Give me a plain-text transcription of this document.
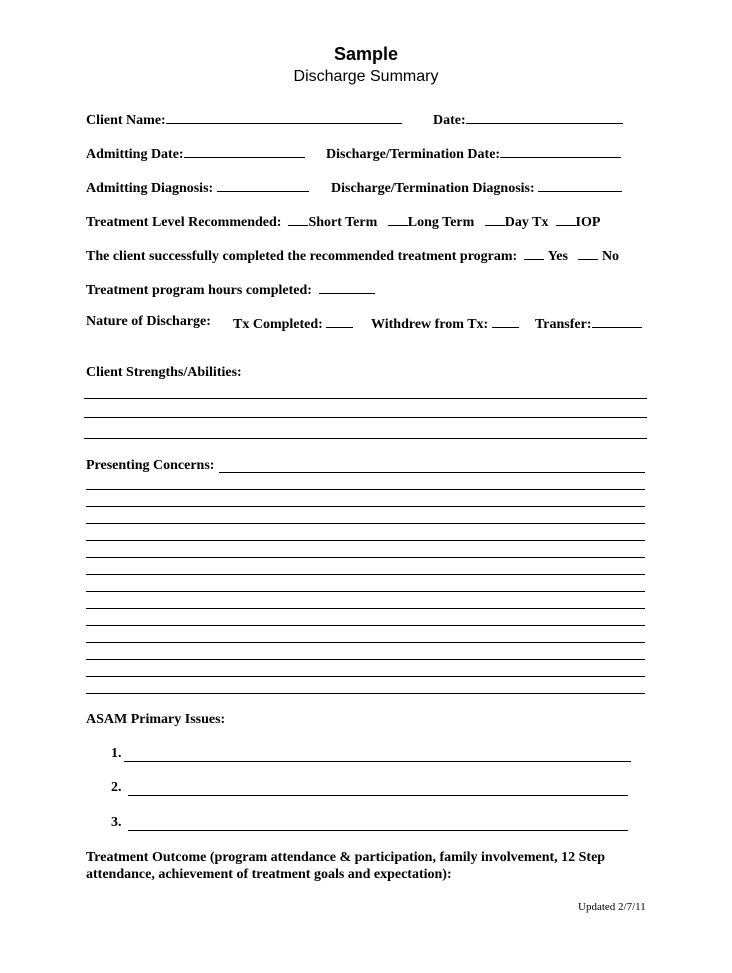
Sample
Discharge Summary
Client Name:	Date:
Admitting Date:	Discharge/Termination Date:
Admitting Diagnosis:	Discharge/Termination Diagnosis:
Treatment Level Recommended: Short Term Long Term Day Tx IOP
The client successfully completed the recommended treatment program: Yes No
Treatment program hours completed:
Nature of Discharge: Tx Completed:	Withdrew from Tx:	Transfer:
Client Strengths/Abilities:
Presenting Concerns:
ASAM Primary Issues:
1.
2.
3.
Treatment Outcome (program attendance & participation, family involvement, 12 Step
attendance, achievement of treatment goals and expectation):
Updated 2/7/11
